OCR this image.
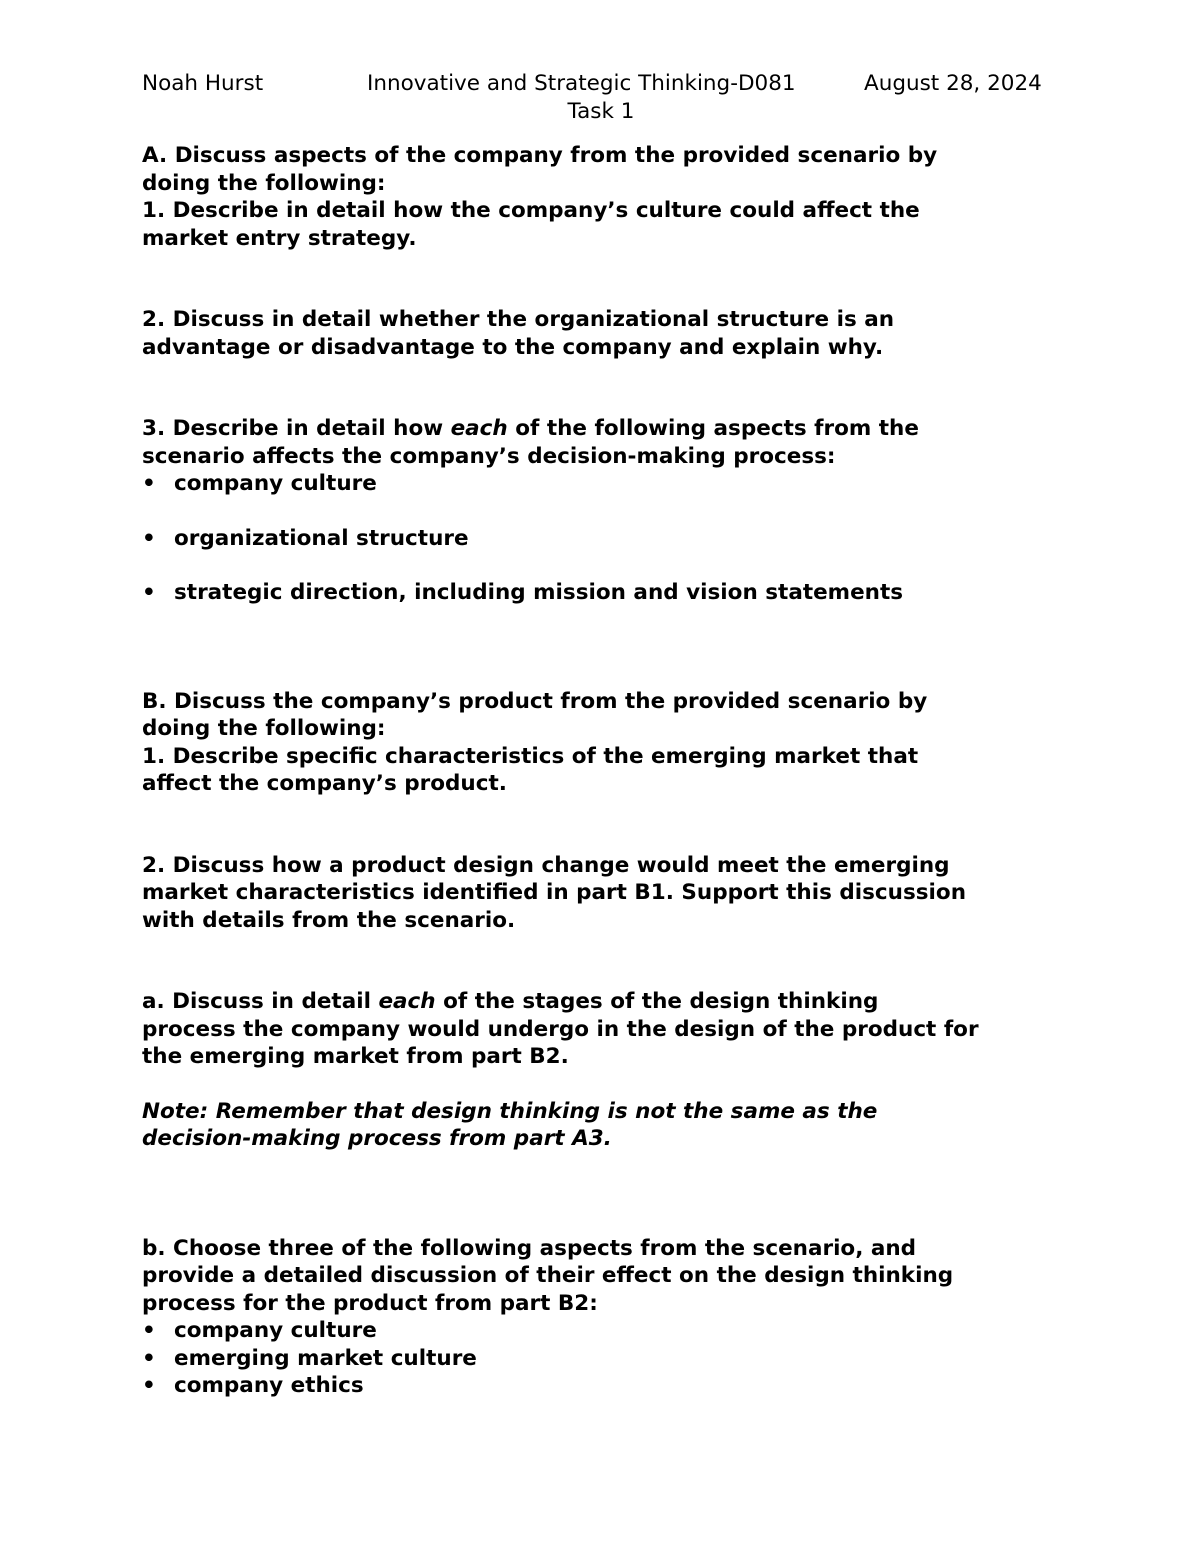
Noah Hurst	Innovative and Strategic Thinking-D081	August 28, 2024
Task 1

A. Discuss aspects of the company from the provided scenario by

doing the following:

1. Describe in detail how the company’s culture could affect the

market entry strategy.

2. Discuss in detail whether the organizational structure is an

advantage or disadvantage to the company and explain why.

3. Describe in detail how each of the following aspects from the

scenario affects the company’s decision-making process:

• company culture
• organizational structure
• strategic direction, including mission and vision statements

B. Discuss the company’s product from the provided scenario by

doing the following:

1. Describe specific characteristics of the emerging market that

affect the company’s product.

2. Discuss how a product design change would meet the emerging

market characteristics identified in part B1. Support this discussion

with details from the scenario.

a. Discuss in detail each of the stages of the design thinking

process the company would undergo in the design of the product for

the emerging market from part B2.

Note: Remember that design thinking is not the same as the

decision-making process from part A3.

b. Choose three of the following aspects from the scenario, and

provide a detailed discussion of their effect on the design thinking

process for the product from part B2:

• company culture
• emerging market culture
• company ethics
